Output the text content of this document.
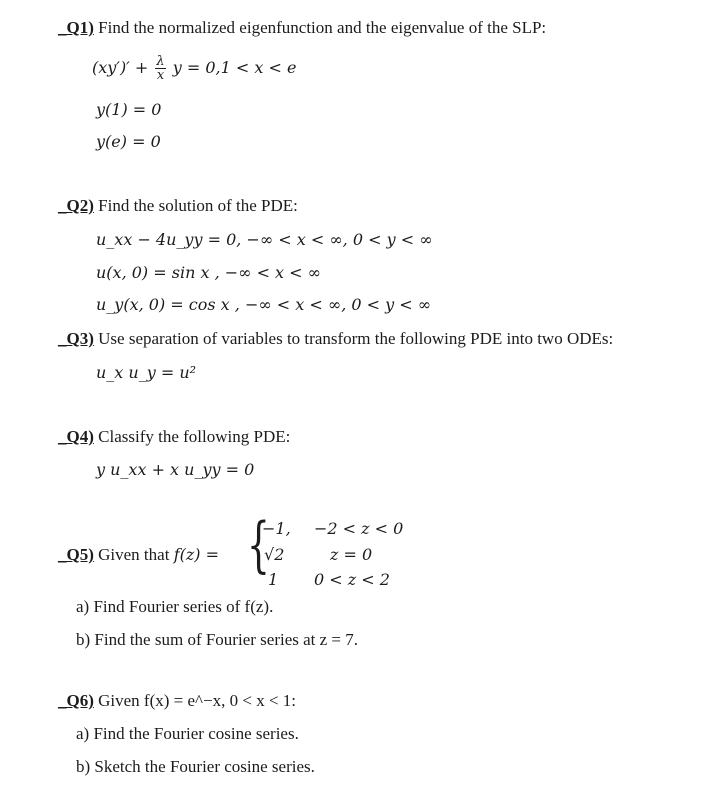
_Q1) Find the normalized eigenfunction and the eigenvalue of the SLP:
$(xy')' + \frac{\lambda}{x}$ y = 0,1 < x < e
y(1) = 0
y(e) = 0
_Q2) Find the solution of the PDE:
u_xx − 4u_yy = 0, −∞ < x < ∞, 0 < y < ∞
u(x, 0) = sin x , −∞ < x < ∞
u_y(x, 0) = cos x , −∞ < x < ∞, 0 < y < ∞
_Q3) Use separation of variables to transform the following PDE into two ODEs:
u_x u_y = u²
_Q4) Classify the following PDE:
y u_xx + x u_yy = 0
_Q5) Given that f(z) = {
−1, −2 < z < 0
√2	z = 0
1 0 < z < 2
a) Find Fourier series of f(z).
b) Find the sum of Fourier series at z = 7.
_Q6) Given f(x) = e^−x, 0 < x < 1:
a) Find the Fourier cosine series.
b) Sketch the Fourier cosine series.
